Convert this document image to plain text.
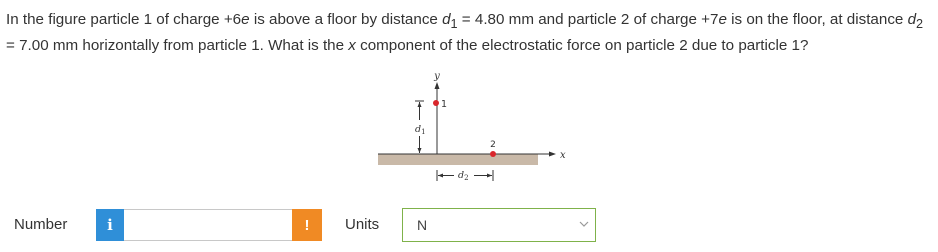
In the figure particle 1 of charge +6e is above a floor by distance $d_1 = 4.80$ mm and particle 2 of charge +7e is on the floor, at distance $d_2 = 7.00$ mm horizontally from particle 1. What is the x component of the electrostatic force on particle 2 due to particle 1?
y
x
$d_1$
1
2
$d_2$
Number	i	!	Units	N
